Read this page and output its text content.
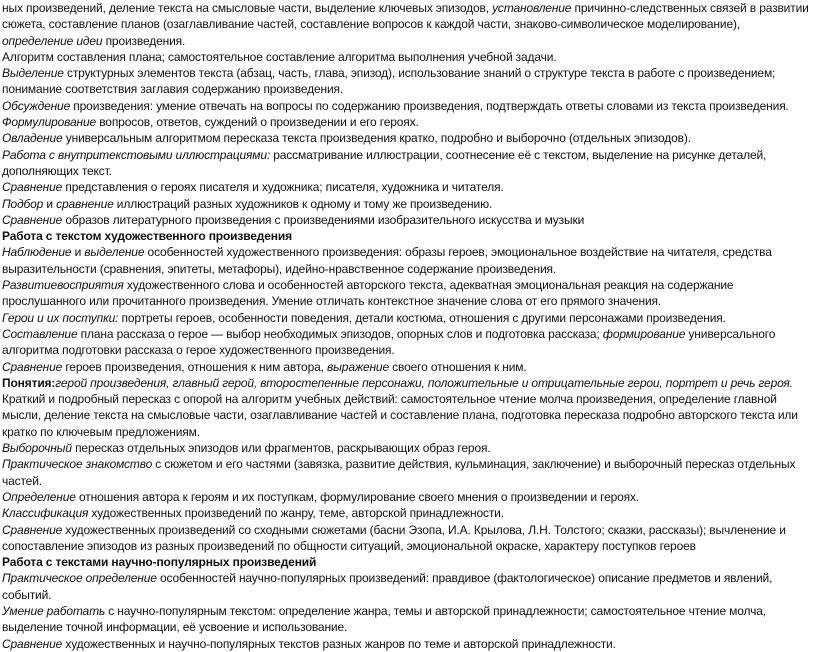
ных произведений, деление текста на смысловые части, выделение ключевых эпизодов, установление причинно-следственных связей в развитии сюжета, составление планов (озаглавливание частей, составление вопросов к каждой части, знаково-символическое моделирование), определение идеи произведения.

Алгоритм составления плана; самостоятельное составление алгоритма выполнения учебной задачи.

Выделение структурных элементов текста (абзац, часть, глава, эпизод), использование знаний о структуре текста в работе с произведением; понимание соответствия заглавия содержанию произведения.

Обсуждение произведения: умение отвечать на вопросы по содержанию произведения, подтверждать ответы словами из текста произведения.

Формулирование вопросов, ответов, суждений о произведении и его героях.

Овладение универсальным алгоритмом пересказа текста произведения кратко, подробно и выборочно (отдельных эпизодов).

Работа с внутритекстовыми иллюстрациями: рассматривание иллюстрации, соотнесение её с текстом, выделение на рисунке деталей, дополняющих текст.

Сравнение представления о героях писателя и художника; писателя, художника и читателя.

Подбор и сравнение иллюстраций разных художников к одному и тому же произведению.

Сравнение образов литературного произведения с произведениями изобразительного искусства и музыки

Работа с текстом художественного произведения

Наблюдение и выделение особенностей художественного произведения: образы героев, эмоциональное воздействие на читателя, средства выразительности (сравнения, эпитеты, метафоры), идейно-нравственное содержание произведения.

Развитиевосприятия художественного слова и особенностей авторского текста, адекватная эмоциональная реакция на содержание прослушанного или прочитанного произведения. Умение отличать контекстное значение слова от его прямого значения.

Герои и их поступки: портреты героев, особенности поведения, детали костюма, отношения с другими персонажами произведения.

Составление плана рассказа о герое — выбор необходимых эпизодов, опорных слов и подготовка рассказа; формирование универсального алгоритма подготовки рассказа о герое художественного произведения.

Сравнение героев произведения, отношения к ним автора, выражение своего отношения к ним.

Понятия:герой произведения, главный герой, второстепенные персонажи, положительные и отрицательные герои, портрет и речь героя.

Краткий и подробный пересказ с опорой на алгоритм учебных действий: самостоятельное чтение молча произведения, определение главной мысли, деление текста на смысловые части, озаглавливание частей и составление плана, подготовка пересказа подробно авторского текста или кратко по ключевым предложениям.

Выборочный пересказ отдельных эпизодов или фрагментов, раскрывающих образ героя.

Практическое знакомство с сюжетом и его частями (завязка, развитие действия, кульминация, заключение) и выборочный пересказ отдельных частей.

Определение отношения автора к героям и их поступкам, формулирование своего мнения о произведении и героях.

Классификация художественных произведений по жанру, теме, авторской принадлежности.

Сравнение художественных произведений со сходными сюжетами (басни Эзопа, И.А. Крылова, Л.Н. Толстого; сказки, рассказы); вычленение и сопоставление эпизодов из разных произведений по общности ситуаций, эмоциональной окраске, характеру поступков героев

Работа с текстами научно-популярных произведений

Практическое определение особенностей научно-популярных произведений: правдивое (фактологическое) описание предметов и явлений, событий.

Умение работать с научно-популярным текстом: определение жанра, темы и авторской принадлежности; самостоятельное чтение молча, выделение точной информации, её усвоение и использование.

Сравнение художественных и научно-популярных текстов разных жанров по теме и авторской принадлежности.
